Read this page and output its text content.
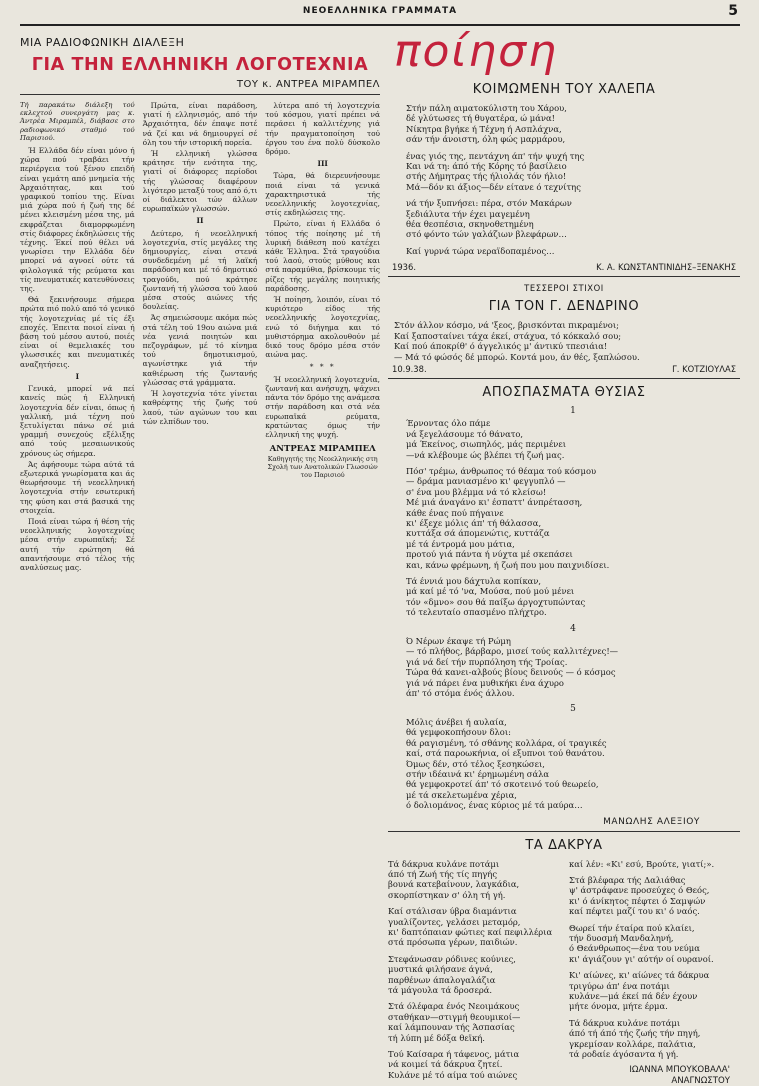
ΝΕΟΕΛΛΗΝΙΚΑ ΓΡΑΜΜΑΤΑ	5
ΜΙΑ ΡΑΔΙΟΦΩΝΙΚΗ ΔΙΑΛΕΞΗ
ΓΙΑ ΤΗΝ ΕΛΛΗΝΙΚΗ ΛΟΓΟΤΕΧΝΙΑ
ΤΟΥ κ. ΑΝΤΡΕΑ ΜΙΡΑΜΠΕΛ

Τή παρακάτω διάλεξη τού εκλεχτού συνεργάτη μας κ. Άντρέα Μιραμπέλ, διάβασε στο ραδιοφωνικό σταθμό τού Παρισιού.

Ή Ελλάδα δέν είναι μόνο ή χώρα πού τραβάει τήν περιέργεια τού ξένου επειδή είναι γεμάτη από μνημεία τής Άρχαιότητας, και τού γραφικού τοπίου της. Είναι μιά χώρα πού ή ζωή της δέ μένει κλεισμένη μέσα της, μά εκφράζεται διαμορφωμένη στίς διάφορες έκδηλώσεις τής τέχνης. Έκεί πού θέλει νά γνωρίσει την Ελλάδα δέν μπορεί νά αγνοεί ούτε τά φιλολογικά τής ρεύματα και τίς πνευματικές κατευθύνσεις της.

Θά ξεκινήσουμε σήμερα πρώτα πιό πολύ από τό γενικό τής λογοτεχνίας μέ τίς έξι εποχές. Έπειτα ποιοί είναι ή βάση τού μέσου αυτού, ποιές είναι οί θεμελιακές του γλωσσικές και πνευματικές αναζητήσεις.

I

Γενικά, μπορεί νά πεί κανείς πώς ή Ελληνική λογοτεχνία δέν είναι, όπως ή γαλλική, μιά τέχνη πού ξετυλίγεται πάνω σέ μιά γραμμή συνεχούς εξέλιξης από τούς μεσαιωνικούς χρόνους ώς σήμερα.

Άς άφήσουμε τώρα αύτά τά εξωτερικά γνωρίσματα και άς θεωρήσουμε τή νεοελληνική λογοτεχνία στήν εσωτερική της φύση και στά βασικά της στοιχεία.

Ποιά είναι τώρα ή θέση τής νεοελληνικής λογοτεχνίας μέσα στήν ευρωπαϊκή; Σέ αυτή τήν ερώτηση θά απαντήσουμε στό τέλος τής αναλύσεως μας.

Πρώτα, είναι παράδοση, γιατί ή ελληνισμός, από τήν Άρχαιότητα, δέν έπαψε ποτέ νά ζεί και νά δημιουργεί σέ όλη του τήν ιστορική πορεία.

Ή ελληνική γλώσσα κράτησε τήν ενότητα της, γιατί οί διάφορες περίοδοι τής γλώσσας διαφέρουν λιγότερο μεταξύ τους από ό,τι οί διάλεκτοι τών άλλων ευρωπαϊκών γλωσσών.

II

Δεύτερο, ή νεοελληνική λογοτεχνία, στίς μεγάλες της δημιουργίες, είναι στενά συνδεδεμένη μέ τή λαϊκή παράδοση και μέ τό δημοτικό τραγούδι, πού κράτησε ζωντανή τή γλώσσα τού λαού μέσα στούς αιώνες τής δουλείας.

Άς σημειώσουμε ακόμα πώς στά τέλη τού 19ου αιώνα μιά νέα γενιά ποιητών και πεζογράφων, μέ τό κίνημα τού δημοτικισμού, αγωνίστηκε γιά τήν καθιέρωση τής ζωντανής γλώσσας στά γράμματα.

Ή λογοτεχνία τότε γίνεται καθρέφτης τής ζωής τού λαού, τών αγώνων του και τών ελπίδων του.

λύτερα από τή λογοτεχνία τού κόσμου, γιατί πρέπει νά περάσει ή καλλιτέχνης γιά τήν πραγματοποίηση τού έργου του ένα πολύ δύσκολο δρόμο.

III

Τώρα, θά διερευνήσουμε ποιά είναι τά γενικά χαρακτηριστικά τής νεοελληνικής λογοτεχνίας, στίς εκδηλώσεις της.

Πρώτο, είναι ή Ελλάδα ό τόπος τής ποίησης μέ τή λυρική διάθεση πού κατέχει κάθε Έλληνα. Στά τραγούδια τού λαού, στούς μύθους και στά παραμύθια, βρίσκουμε τίς ρίζες τής μεγάλης ποιητικής παράδοσης.

Ή ποίηση, λοιπόν, είναι τό κυριότερο είδος τής νεοελληνικής λογοτεχνίας, ενώ τό διήγημα και τό μυθιστόρημα ακολουθούν μέ δικό τους δρόμο μέσα στόν αιώνα μας.

* * *

Ή νεοελληνική λογοτεχνία, ζωντανή και ανήσυχη, ψάχνει πάντα τόν δρόμο της ανάμεσα στήν παράδοση και στά νέα ευρωπαϊκά ρεύματα, κρατώντας όμως τήν ελληνική της ψυχή.

ΑΝΤΡΕΑΣ ΜΙΡΑΜΠΕΛ

Καθηγητής της Νεοελληνικής στη Σχολή των Ανατολικών Γλωσσών του Παρισιού

ποίηση
ΚΟΙΜΩΜΕΝΗ ΤΟΥ ΧΑΛΕΠΑ
Στήν πάλη αιματοκύλιστη του Χάρου,
δέ γλύτωσες τή θυγατέρα, ώ μάνα!
Νίκητρα βγήκε ή Τέχνη ή Ασπλάχνα,
σάν τήν άνοιστη, όλη φώς μαρμάρου,
ένας γιός της, πεντάχνη άπ' τήν ψυχή της
Και νά τη: άπό τής Κόρης τό βασίλειο
στής Δήμητρας τής ήλιολάς τόν ήλιο!
Μά—δόν κι άξιος—δέν είτανε ό τεχνίτης
νά τήν ξυπνήσει: πέρα, στόν Μακάρων
ξεδιάλυτα τήν έχει μαγεμένη
θέα θεσπέσια, σκηνοθετημένη
στό φόντο τών γαλάζιων βλεφάρων…
Καί γυρνά τώρα νεραϊδοπαμένος…
1936.	Κ. Α. ΚΩΝΣΤΑΝΤΙΝΙΔΗΣ–ΞΕΝΑΚΗΣ
ΤΕΣΣΕΡΟΙ ΣΤΙΧΟΙ
ΓΙΑ ΤΟΝ Γ. ΔΕΝΔΡΙΝΟ
Στόν άλλον κόσμο, νά 'ξεος, βρισκόνται πικραμένοι;
Καί ξαποσταίνει τάχα έκεί, στάχυα, τό κόκκαλό σου;
Καί πού άποκρίθ' ό άγγελικός μ' άντικύ τπεσιάια!
— Μά τό φώσός δέ μπορώ. Κοντά μου, άν θές, ξαπλώσου.
10.9.38.	Γ. ΚΟΤΖΙΟΥΛΑΣ
ΑΠΟΣΠΑΣΜΑΤΑ ΘΥΣΙΑΣ
1
Έρνοντας όλο πάμε
νά ξεγελάσουμε τό θάνατο,
μά Έκείνος, σιωπηλός, μάς περιμένει
—νά κλέβουμε ώς βλέπει τή ζωή μας.
Πόσ' τρέμω, άνθρωπος τό θέαμα τού κόσμου
— δράμα μανιασμένο κι' φεγγυπλό —
σ' ένα μου βλέμμα νά τό κλείσω!
Μέ μιά άναγάνο κι' έσπαττ' άνπρέτασση,
κάθε ένας πού πήγαινε
κι' έξεχε μόλις άπ' τή θάλασσα,
κυττάξα σά άπομενώτις, κυττάζα
μέ τά έντρομά μου μάτια,
προτού γιά πάντα ή νύχτα μέ σκεπάσει
και, κάνω φρέμωνη, ή ζωή που μου παιχνιδίσει.
Τά έννιά μου δάχτυλα κοπίκαν,
μά καί μέ τό 'να, Μούσα, πού μού μένει
τόν «δμνο» σου θά παίξω άργοχτυπώντας
τό τελευταίο σπασμένο πλήχτρο.
4
Ό Νέρων έκαψε τή Ρώμη
— τό πλήθος, βάρβαρο, μισεί τούς καλλιτέχνες!—
γιά νά δεί τήν πυρπόληση τής Τροίας.
Τώρα θά κανει-αλβούς βίους δεινούς — ό κόσμος
γιά νά πάρει ένα μυθικήκι ένα άχυρο
άπ' τό στόμα ένός άλλου.
5
Μόλις άνέβει ή αυλαία,
θά γεμφοκοπήσουν δλοι:
θά ραγισμένη, τό σθάνης κολλάρα, οί τραγικές
καί, στά παροωκήνια, οί εξυπνοι τού θανάτου.
Όμως δέν, στό τέλος ξεσηκώσει,
στήν ιδέαινά κι' έρημωμένη σάλα
θά γεμφοκροτεί άπ' τό σκοτεινό τού θεωρείο,
μέ τά σκελετωμένα χέρια,
ό δολιομάνος, ένας κύριος μέ τά μαύρα…
ΜΑΝΩΛΗΣ ΑΛΕΞΙΟΥ
ΤΑ ΔΑΚΡΥΑ
Τά δάκρυα κυλάνε ποτάμι
άπό τή Ζωή τής τίς πηγής
βουνά κατεβαίνουν, λαγκάδια,
σκορπίστηκαν σ' όλη τή γή.
Καί στάλισαν ύβρα διαμάντια
γυαλίζοντες, γελάσει μεταμόρ,
κι' δαπτόπαιαν φώτιες καί πεφιλλέρια
στά πρόσωπα γέρων, παιδιών.
Στεφάνωσαν ρόδινες κούνιες,
μυστικά φιλήσανε άγνά,
παρθένων άπαλογαλάζια
τά μάγουλα τά δροσερά.
Στά όλέφαρα ένός Νεοιμάκους
σταθήκαν—στιγμή θεουμικοί—
καί λάμπουναν τής Άσπασίας
τή λύπη μέ δόξα θεϊκή.
Τού Καίσαρα ή τάφενος, μάτια
νά κοιμεί τά δάκρυα ζητεί.
Κυλάνε μέ τό αίμα τού αιώνες
καί λέν: «Κι' εσύ, Βρούτε, γιατί;».
Στά βλέφαρα τής Δαλιάθας
ψ' άστράφανε προσεύχες ό Θεός,
κι' ό άνίκητος πέφτει ό Σαμψών
καί πέφτει μαζί του κι' ό ναός.
Θωρεί τήν έταίρα πού κλαίει,
τήν δυοσμή Μανδαληνή,
ό Θεάνθρωπος—ένα του νεύμα
κι' άγιάζουν γι' αύτήν οί ουρανοί.
Κι' αίώνες, κι' αίώνες τά δάκρυα
τριγύρω άπ' ένα ποτάμι
κυλάνε—μά έκεί πά δέν έχουν
μήτε όνομα, μήτε έρμα.
Τά δάκρυα κυλάνε ποτάμι
άπό τή άπό τής ζωής τήν πηγή,
γκρεμίσαν κολλάρε, παλάτια,
τά ροδαίε άγόσαντα ή γή.
ΙΩΑΝΝΑ ΜΠΟΥΚΟΒΑΛΑ' ΑΝΑΓΝΩΣΤΟΥ
